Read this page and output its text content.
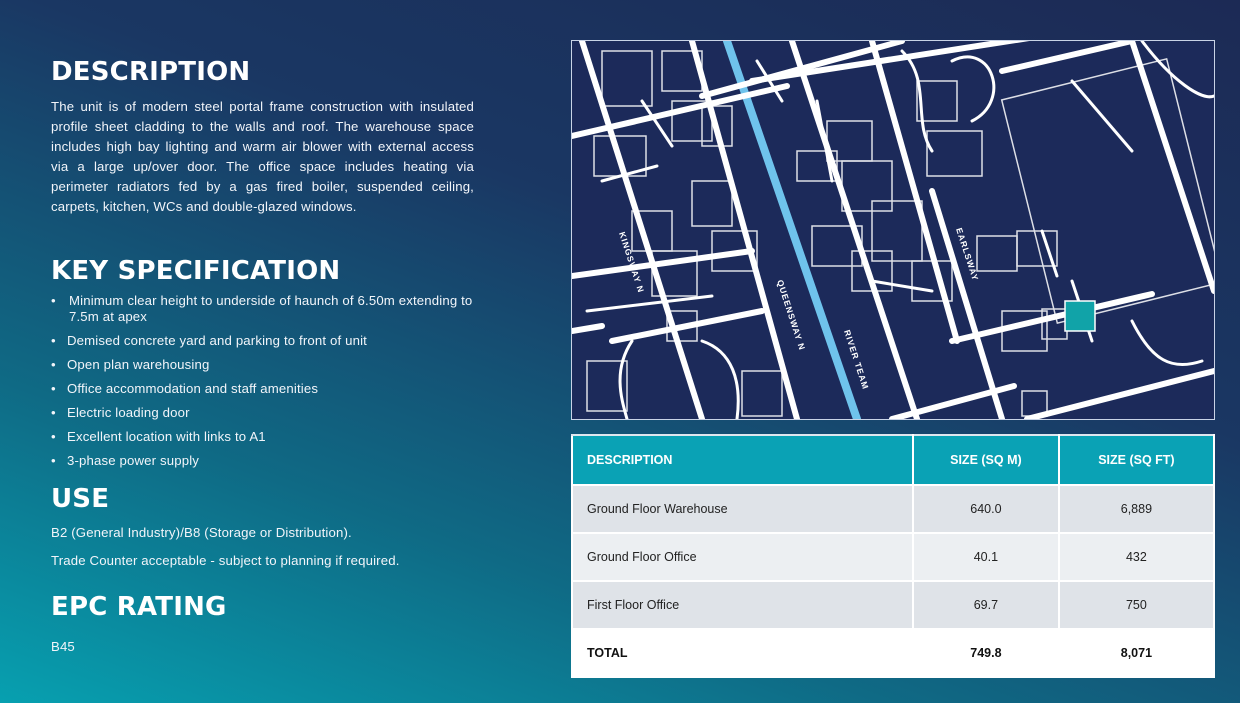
DESCRIPTION
The unit is of modern steel portal frame construction with insulated profile sheet cladding to the walls and roof. The warehouse space includes high bay lighting and warm air blower with external access via a large up/over door. The office space includes heating via perimeter radiators fed by a gas fired boiler, suspended ceiling, carpets, kitchen, WCs and double-glazed windows.
KEY SPECIFICATION
• Minimum clear height to underside of haunch of 6.50m extending to 7.5m at apex
• Demised concrete yard and parking to front of unit
• Open plan warehousing
• Office accommodation and staff amenities
• Electric loading door
• Excellent location with links to A1
• 3-phase power supply
USE
B2 (General Industry)/B8 (Storage or Distribution).
Trade Counter acceptable - subject to planning if required.
EPC RATING
B45
KINGSWAY N
QUEENSWAY N
RIVER TEAM
EARLSWAY
DESCRIPTION	SIZE (SQ M)	SIZE (SQ FT)
Ground Floor Warehouse	640.0	6,889
Ground Floor Office	40.1	432
First Floor Office	69.7	750
TOTAL	749.8	8,071
